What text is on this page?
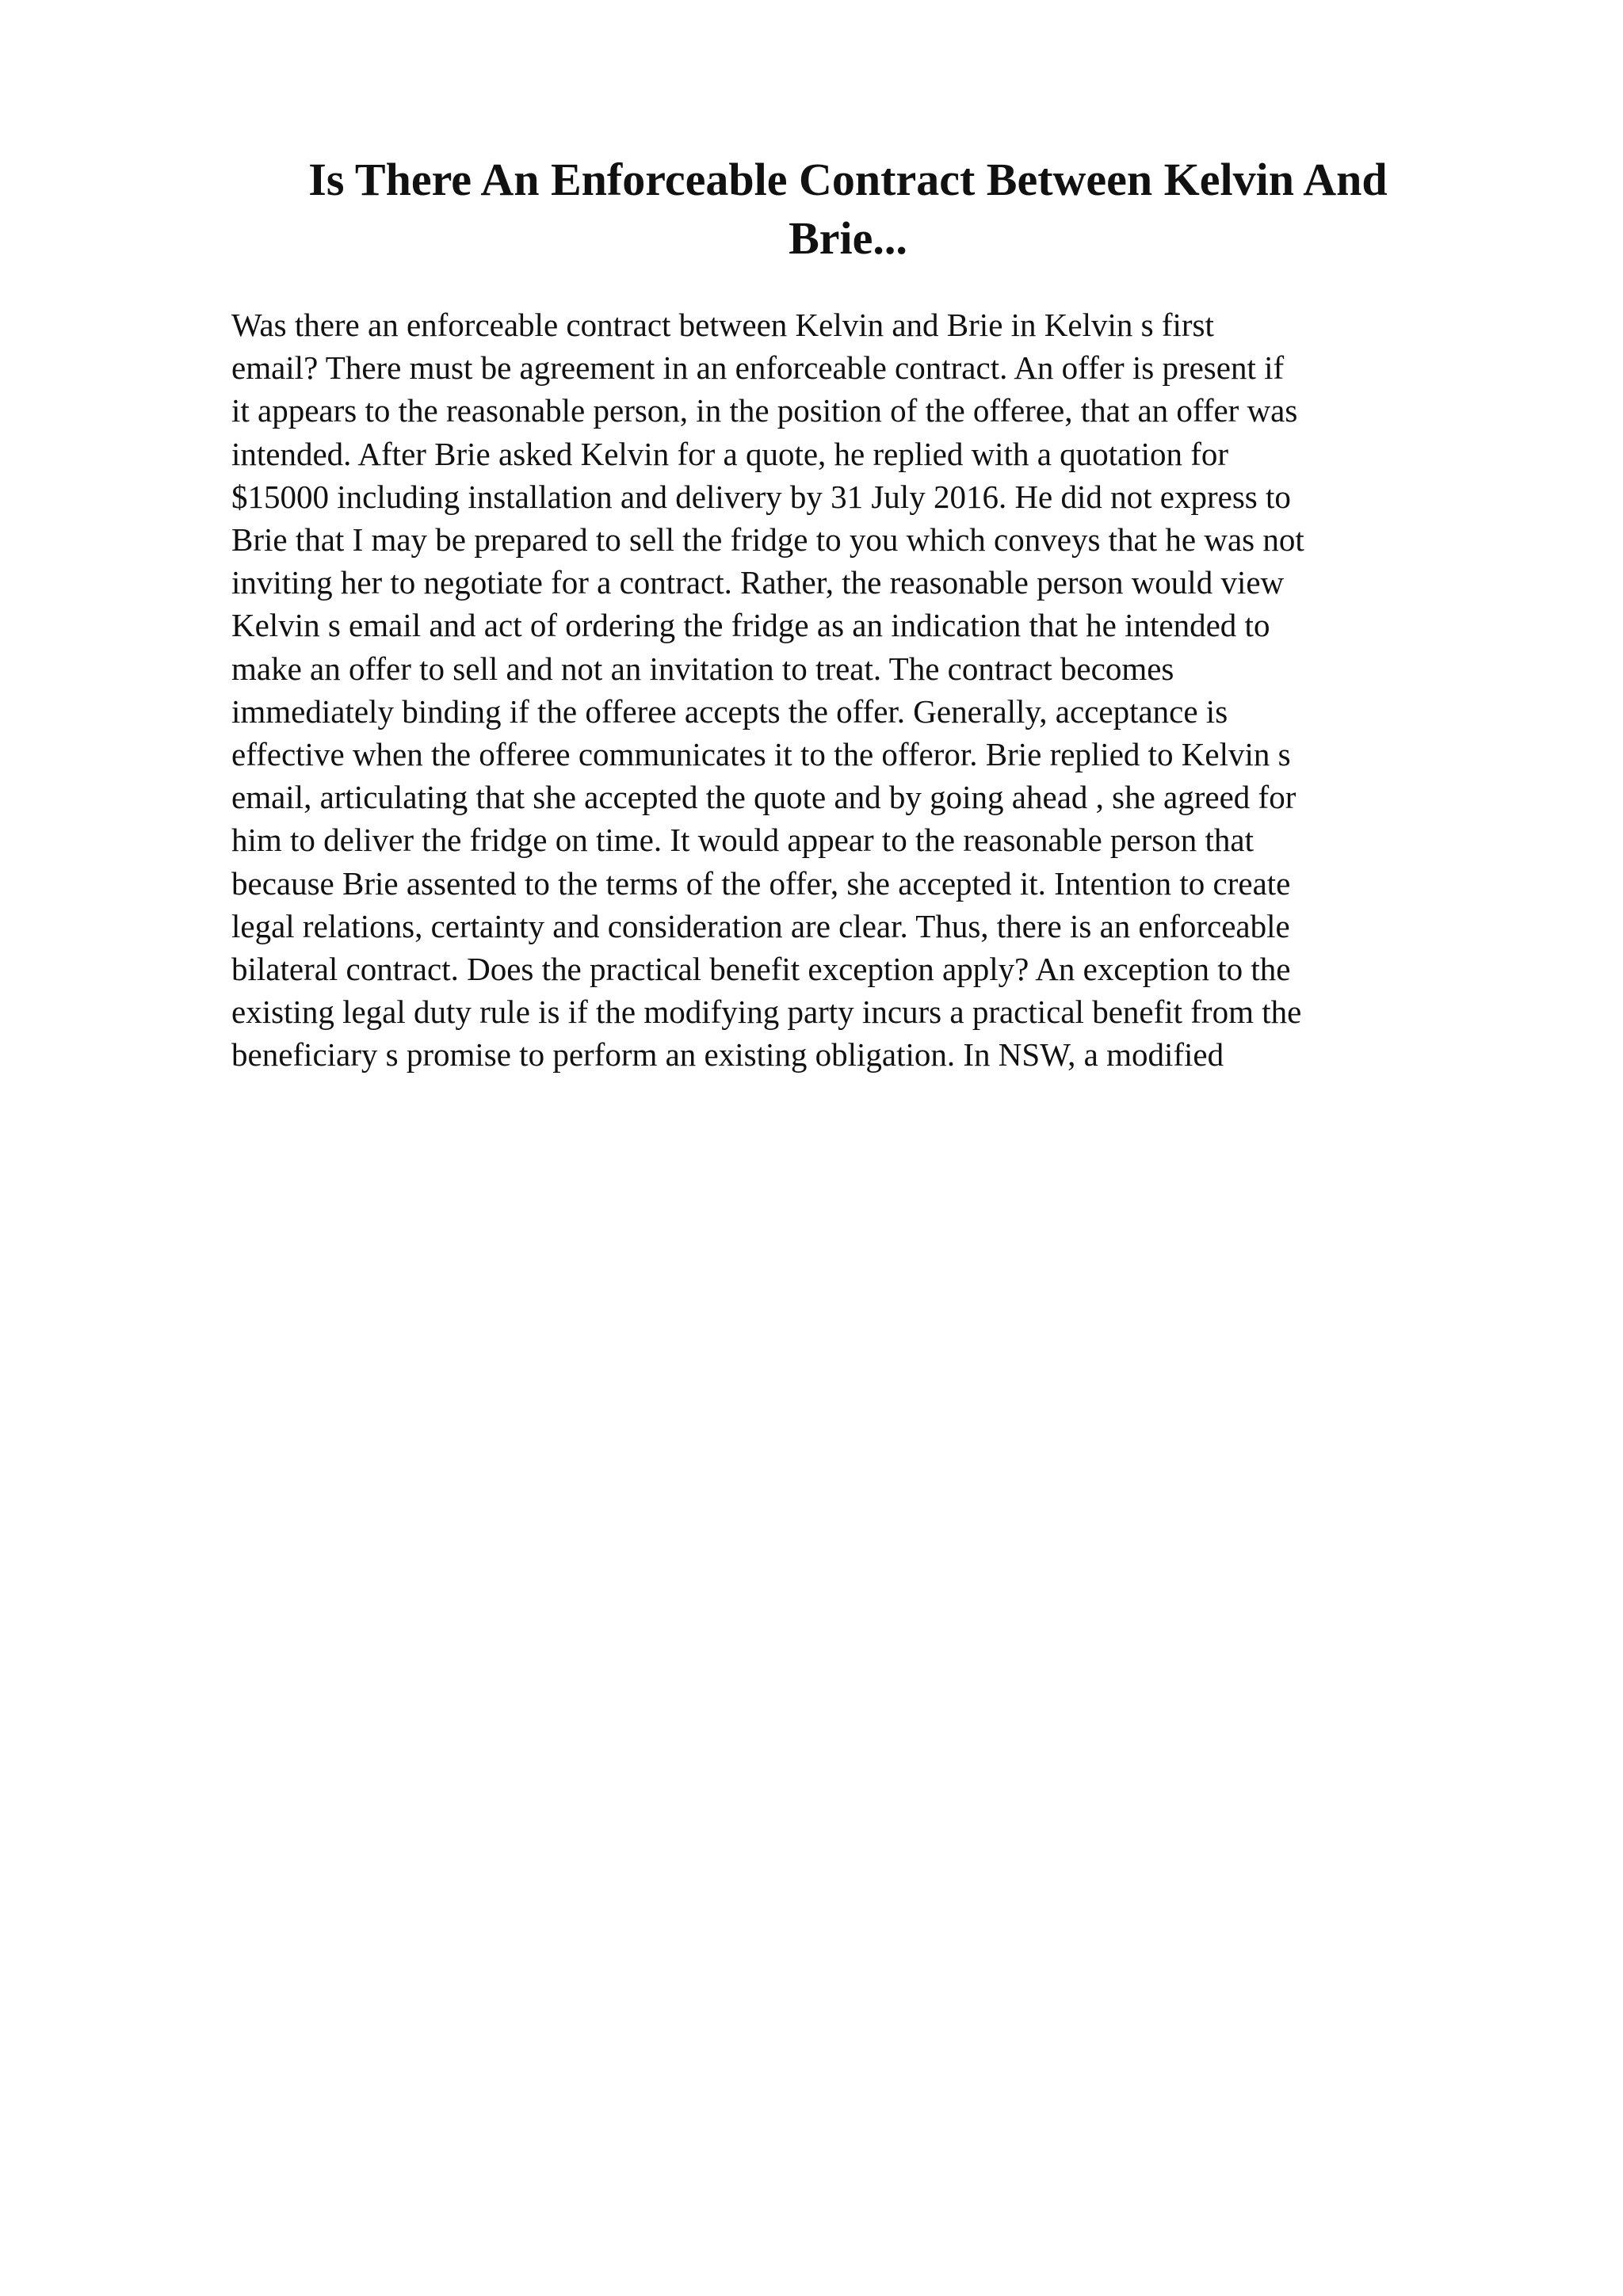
Is There An Enforceable Contract Between Kelvin And
Brie...
Was there an enforceable contract between Kelvin and Brie in Kelvin s first
email? There must be agreement in an enforceable contract. An offer is present if
it appears to the reasonable person, in the position of the offeree, that an offer was
intended. After Brie asked Kelvin for a quote, he replied with a quotation for
$15000 including installation and delivery by 31 July 2016. He did not express to
Brie that I may be prepared to sell the fridge to you which conveys that he was not
inviting her to negotiate for a contract. Rather, the reasonable person would view
Kelvin s email and act of ordering the fridge as an indication that he intended to
make an offer to sell and not an invitation to treat. The contract becomes
immediately binding if the offeree accepts the offer. Generally, acceptance is
effective when the offeree communicates it to the offeror. Brie replied to Kelvin s
email, articulating that she accepted the quote and by going ahead , she agreed for
him to deliver the fridge on time. It would appear to the reasonable person that
because Brie assented to the terms of the offer, she accepted it. Intention to create
legal relations, certainty and consideration are clear. Thus, there is an enforceable
bilateral contract. Does the practical benefit exception apply? An exception to the
existing legal duty rule is if the modifying party incurs a practical benefit from the
beneficiary s promise to perform an existing obligation. In NSW, a modified
